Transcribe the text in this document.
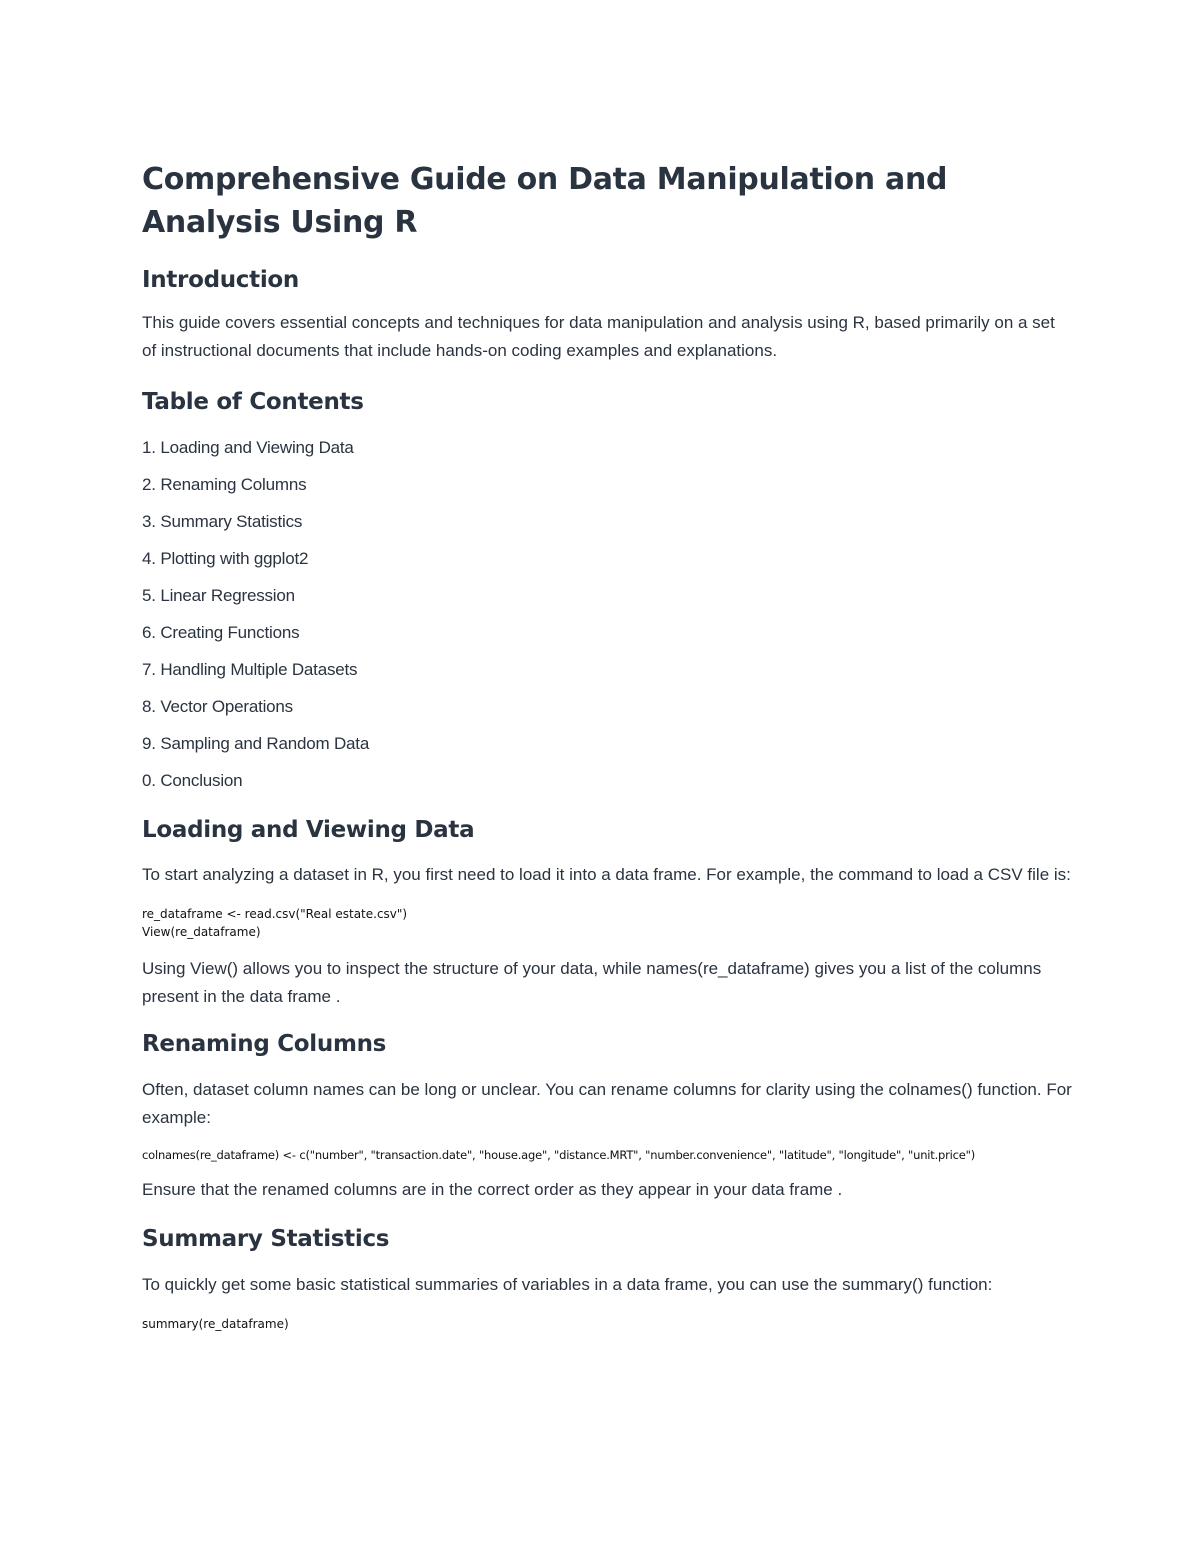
Comprehensive Guide on Data Manipulation and Analysis Using R
Introduction

This guide covers essential concepts and techniques for data manipulation and analysis using R, based primarily on a set of instructional documents that include hands-on coding examples and explanations.

Table of Contents
1. Loading and Viewing Data
2. Renaming Columns
3. Summary Statistics
4. Plotting with ggplot2
5. Linear Regression
6. Creating Functions
7. Handling Multiple Datasets
8. Vector Operations
9. Sampling and Random Data
0. Conclusion
Loading and Viewing Data

To start analyzing a dataset in R, you first need to load it into a data frame. For example, the command to load a CSV file is:

re_dataframe <- read.csv("Real estate.csv")
View(re_dataframe)

Using View() allows you to inspect the structure of your data, while names(re_dataframe) gives you a list of the columns present in the data frame .

Renaming Columns

Often, dataset column names can be long or unclear. You can rename columns for clarity using the colnames() function. For example:

colnames(re_dataframe) <- c("number", "transaction.date", "house.age", "distance.MRT", "number.convenience", "latitude", "longitude", "unit.price")

Ensure that the renamed columns are in the correct order as they appear in your data frame .

Summary Statistics

To quickly get some basic statistical summaries of variables in a data frame, you can use the summary() function:

summary(re_dataframe)
